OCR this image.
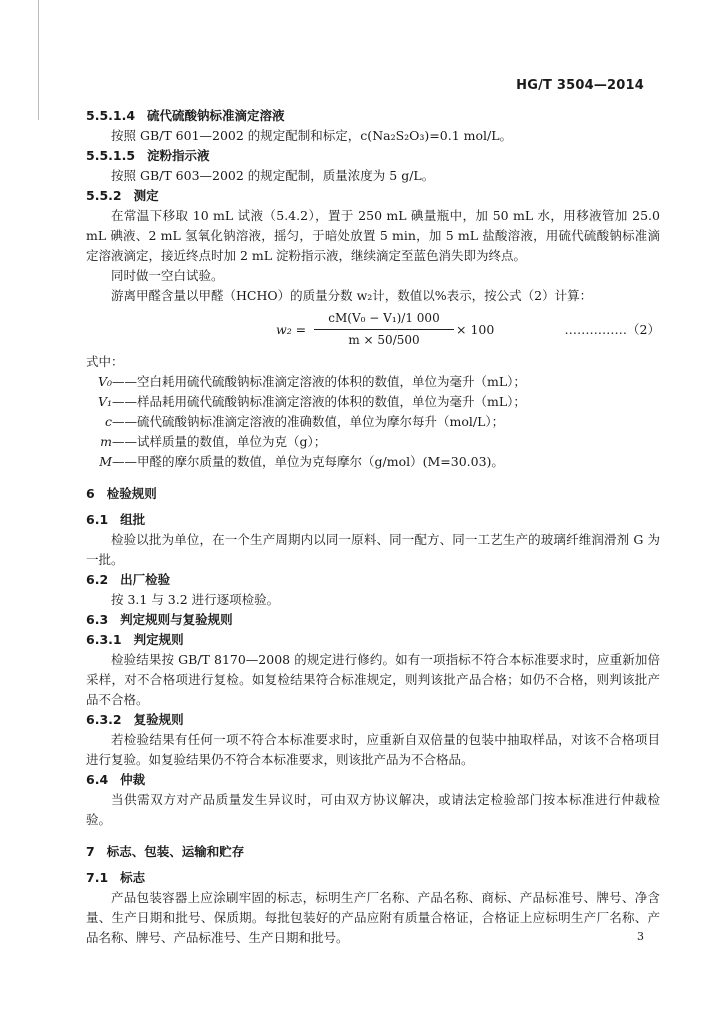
HG/T 3504—2014

5.5.1.4 硫代硫酸钠标准滴定溶液

按照 GB/T 601—2002 的规定配制和标定，c(Na₂S₂O₃)=0.1 mol/L。

5.5.1.5 淀粉指示液

按照 GB/T 603—2002 的规定配制，质量浓度为 5 g/L。

5.5.2 测定

在常温下移取 10 mL 试液（5.4.2），置于 250 mL 碘量瓶中，加 50 mL 水，用移液管加 25.0 mL 碘液、2 mL 氢氧化钠溶液，摇匀，于暗处放置 5 min，加 5 mL 盐酸溶液，用硫代硫酸钠标准滴定溶液滴定，接近终点时加 2 mL 淀粉指示液，继续滴定至蓝色消失即为终点。

同时做一空白试验。

游离甲醛含量以甲醛（HCHO）的质量分数 w₂计，数值以%表示，按公式（2）计算：

$w_2 = \frac{\text{cM(V₀ − V₁)/1 000}}{m \times 50/500} \times 100$	……………（2）

式中：

V₀——空白耗用硫代硫酸钠标准滴定溶液的体积的数值，单位为毫升（mL）；

V₁——样品耗用硫代硫酸钠标准滴定溶液的体积的数值，单位为毫升（mL）；

c——硫代硫酸钠标准滴定溶液的准确数值，单位为摩尔每升（mol/L）；

m——试样质量的数值，单位为克（g）；

M——甲醛的摩尔质量的数值，单位为克每摩尔（g/mol）(M=30.03)。

6 检验规则

6.1 组批

检验以批为单位，在一个生产周期内以同一原料、同一配方、同一工艺生产的玻璃纤维润滑剂 G 为一批。

6.2 出厂检验

按 3.1 与 3.2 进行逐项检验。

6.3 判定规则与复验规则

6.3.1 判定规则

检验结果按 GB/T 8170—2008 的规定进行修约。如有一项指标不符合本标准要求时，应重新加倍采样，对不合格项进行复检。如复检结果符合标准规定，则判该批产品合格；如仍不合格，则判该批产品不合格。

6.3.2 复验规则

若检验结果有任何一项不符合本标准要求时，应重新自双倍量的包装中抽取样品，对该不合格项目进行复验。如复验结果仍不符合本标准要求，则该批产品为不合格品。

6.4 仲裁

当供需双方对产品质量发生异议时，可由双方协议解决，或请法定检验部门按本标准进行仲裁检验。

7 标志、包装、运输和贮存

7.1 标志

产品包装容器上应涂刷牢固的标志，标明生产厂名称、产品名称、商标、产品标准号、牌号、净含量、生产日期和批号、保质期。每批包装好的产品应附有质量合格证，合格证上应标明生产厂名称、产品名称、牌号、产品标准号、生产日期和批号。	3
